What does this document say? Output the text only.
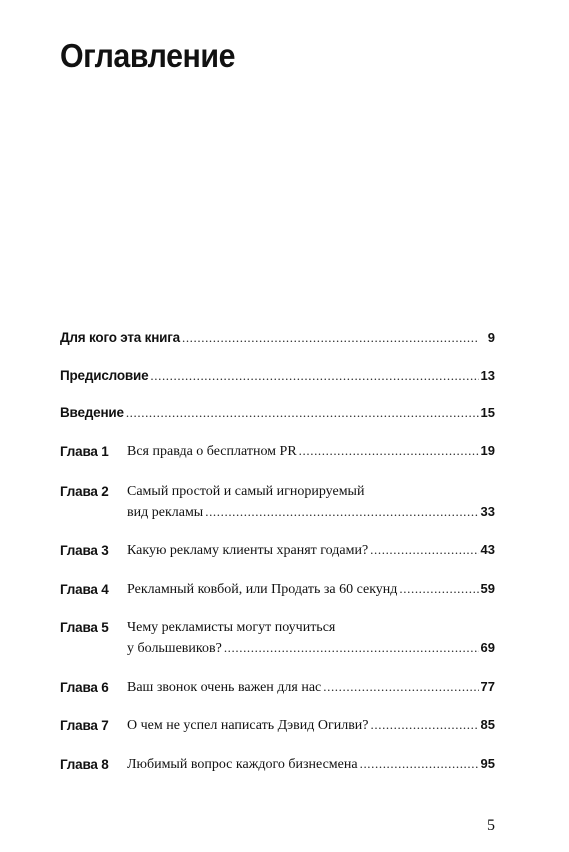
Оглавление
Для кого эта книга .....	9
Предисловие .....	13
Введение .....	15
Глава 1	Вся правда о бесплатном PR .....	19
Глава 2	Самый простой и самый игнорируемый
вид рекламы .....	33
Глава 3	Какую рекламу клиенты хранят годами? .....	43
Глава 4	Рекламный ковбой, или Продать за 60 секунд .....	59
Глава 5	Чему рекламисты могут поучиться
у большевиков? .....	69
Глава 6	Ваш звонок очень важен для нас .....	77
Глава 7	О чем не успел написать Дэвид Огилви? .....	85
Глава 8	Любимый вопрос каждого бизнесмена .....	95
5
